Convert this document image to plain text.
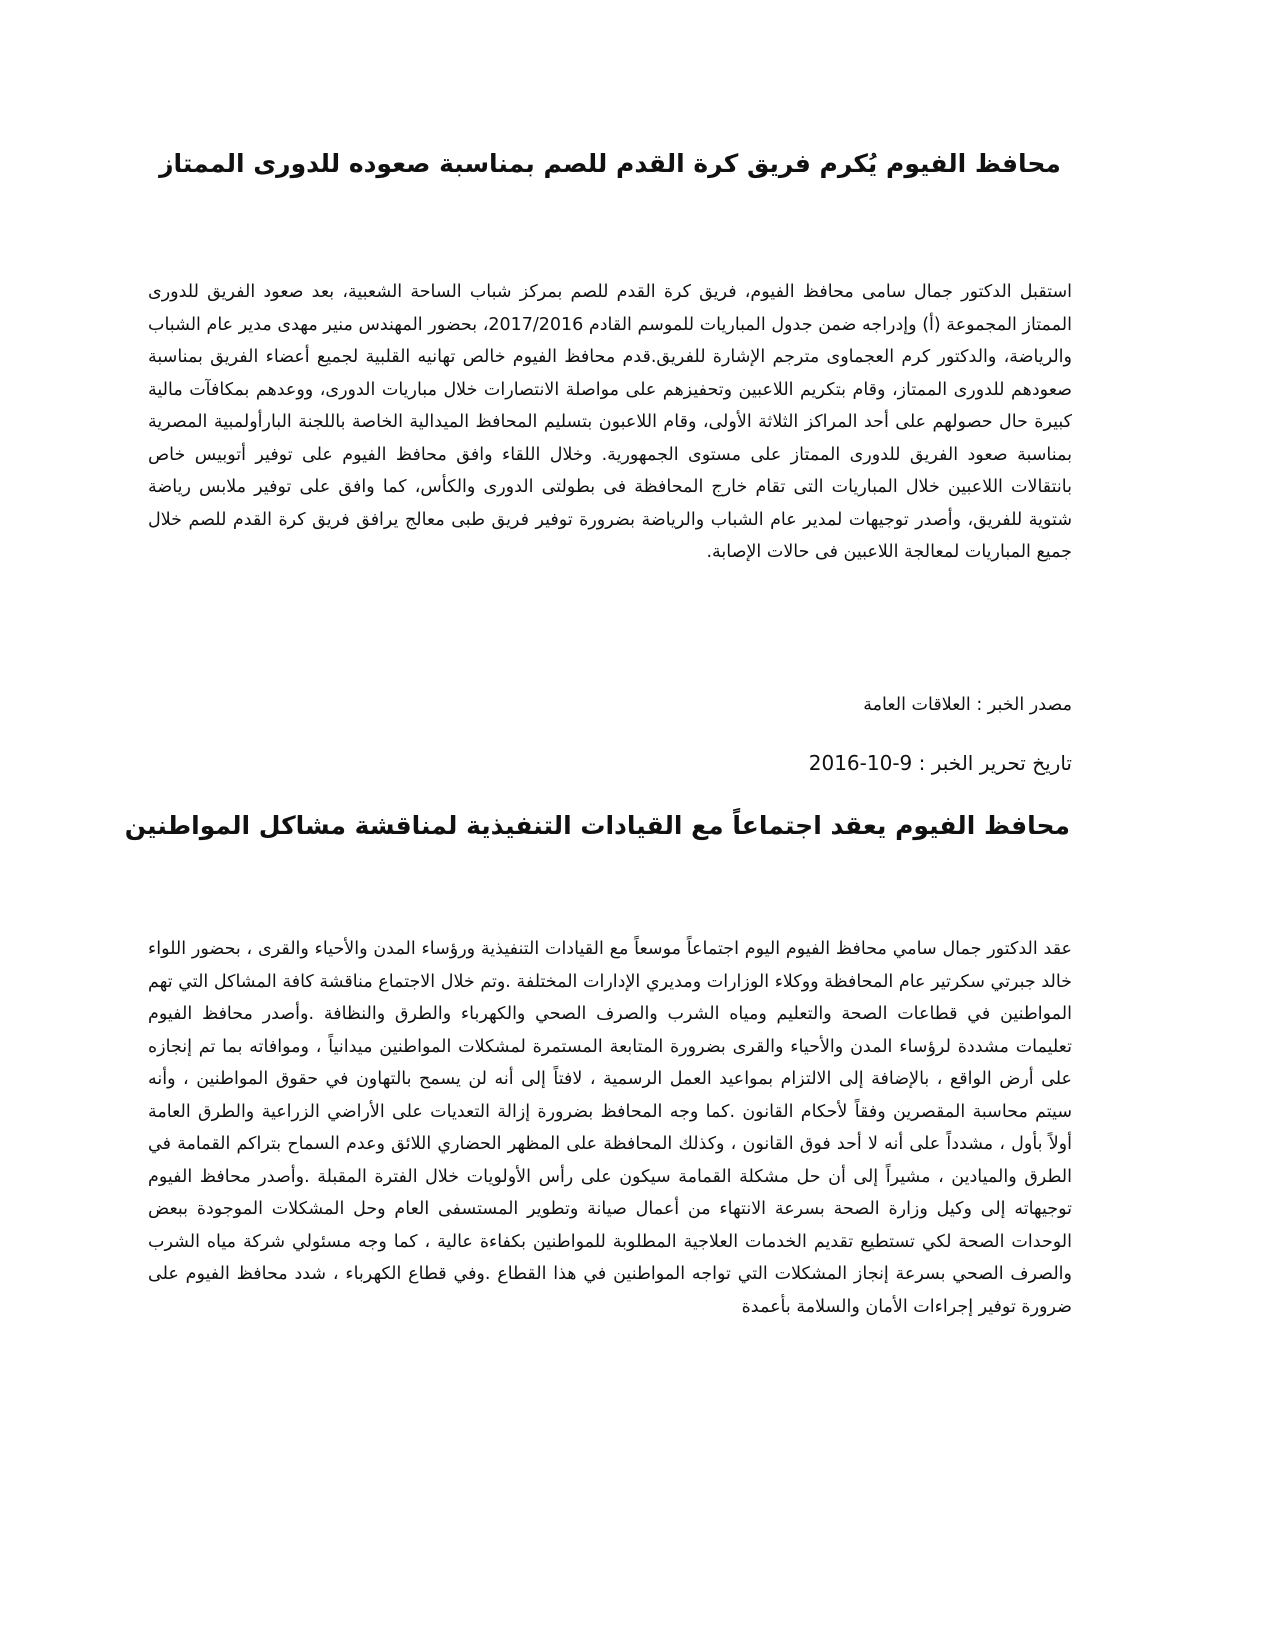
محافظ الفيوم يُكرم فريق كرة القدم للصم بمناسبة صعوده للدورى الممتاز

استقبل الدكتور جمال سامى محافظ الفيوم، فريق كرة القدم للصم بمركز شباب الساحة الشعبية، بعد صعود الفريق للدورى الممتاز المجموعة (أ) وإدراجه ضمن جدول المباريات للموسم القادم 2017/2016، بحضور المهندس منير مهدى مدير عام الشباب والرياضة، والدكتور كرم العجماوى مترجم الإشارة للفريق.قدم محافظ الفيوم خالص تهانيه القلبية لجميع أعضاء الفريق بمناسبة صعودهم للدورى الممتاز، وقام بتكريم اللاعبين وتحفيزهم على مواصلة الانتصارات خلال مباريات الدورى، ووعدهم بمكافآت مالية كبيرة حال حصولهم على أحد المراكز الثلاثة الأولى، وقام اللاعبون بتسليم المحافظ الميدالية الخاصة باللجنة البارأولمبية المصرية بمناسبة صعود الفريق للدورى الممتاز على مستوى الجمهورية. وخلال اللقاء وافق محافظ الفيوم على توفير أتوبيس خاص بانتقالات اللاعبين خلال المباريات التى تقام خارج المحافظة فى بطولتى الدورى والكأس، كما وافق على توفير ملابس رياضة شتوية للفريق، وأصدر توجيهات لمدير عام الشباب والرياضة بضرورة توفير فريق طبى معالج يرافق فريق كرة القدم للصم خلال جميع المباريات لمعالجة اللاعبين فى حالات الإصابة.

مصدر الخبر : العلاقات العامة

تاريخ تحرير الخبر : 9-10-2016

محافظ الفيوم يعقد اجتماعاً مع القيادات التنفيذية لمناقشة مشاكل المواطنين

عقد الدكتور جمال سامي محافظ الفيوم اليوم اجتماعاً موسعاً مع القيادات التنفيذية ورؤساء المدن والأحياء والقرى ، بحضور اللواء خالد جبرتي سكرتير عام المحافظة ووكلاء الوزارات ومديري الإدارات المختلفة .وتم خلال الاجتماع مناقشة كافة المشاكل التي تهم المواطنين في قطاعات الصحة والتعليم ومياه الشرب والصرف الصحي والكهرباء والطرق والنظافة .وأصدر محافظ الفيوم تعليمات مشددة لرؤساء المدن والأحياء والقرى بضرورة المتابعة المستمرة لمشكلات المواطنين ميدانياً ، وموافاته بما تم إنجازه على أرض الواقع ، بالإضافة إلى الالتزام بمواعيد العمل الرسمية ، لافتاً إلى أنه لن يسمح بالتهاون في حقوق المواطنين ، وأنه سيتم محاسبة المقصرين وفقاً لأحكام القانون .كما وجه المحافظ بضرورة إزالة التعديات على الأراضي الزراعية والطرق العامة أولاً بأول ، مشدداً على أنه لا أحد فوق القانون ، وكذلك المحافظة على المظهر الحضاري اللائق وعدم السماح بتراكم القمامة في الطرق والميادين ، مشيراً إلى أن حل مشكلة القمامة سيكون على رأس الأولويات خلال الفترة المقبلة .وأصدر محافظ الفيوم توجيهاته إلى وكيل وزارة الصحة بسرعة الانتهاء من أعمال صيانة وتطوير المستسفى العام وحل المشكلات الموجودة ببعض الوحدات الصحة لكي تستطيع تقديم الخدمات العلاجية المطلوبة للمواطنين بكفاءة عالية ، كما وجه مسئولي شركة مياه الشرب والصرف الصحي بسرعة إنجاز المشكلات التي تواجه المواطنين في هذا القطاع .وفي قطاع الكهرباء ، شدد محافظ الفيوم على ضرورة توفير إجراءات الأمان والسلامة بأعمدة
